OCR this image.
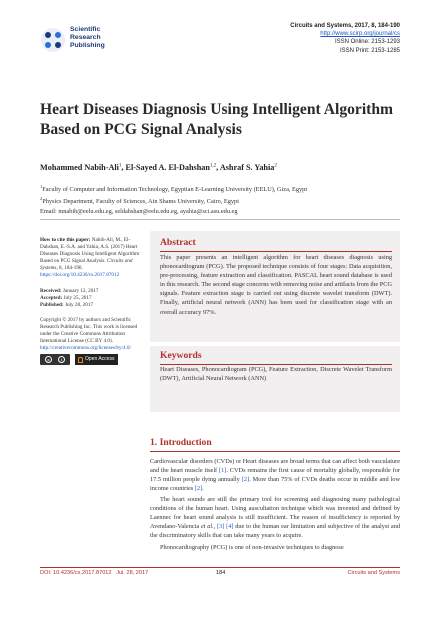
Scientific
Research
Publishing
Circuits and Systems, 2017, 8, 184-190
http://www.scirp.org/journal/cs
ISSN Online: 2153-1293
ISSN Print: 2153-1285
Heart Diseases Diagnosis Using Intelligent Algorithm Based on PCG Signal Analysis
Mohammed Nabih-Ali$^1$, El-Sayed A. El-Dahshan$^{1,2}$, Ashraf S. Yahia$^2$
$^1$Faculty of Computer and Information Technology, Egyptian E-Learning University (EELU), Giza, Egypt
$^2$Physics Department, Faculty of Sciences, Ain Shams University, Cairo, Egypt
Email: mnabih@eelu.edu.eg, seldahshan@eelu.edu.eg, ayahia@sci.asu.edu.eg
How to cite this paper: Nabih-Ali, M., El-Dahshan, E.-S.A. and Yahia, A.S. (2017) Heart Diseases Diagnosis Using Intelligent Algorithm Based on PCG Signal Analysis. Circuits and Systems, 8, 184-190. https://doi.org/10.4236/cs.2017.87012
Received: January 12, 2017
Accepted: July 25, 2017
Published: July 28, 2017
Copyright © 2017 by authors and Scientific Research Publishing Inc. This work is licensed under the Creative Commons Attribution International License (CC BY 4.0). http://creativecommons.org/licenses/by/4.0/
c	i	Open Access
Abstract
This paper presents an intelligent algorithm for heart diseases diagnosis using phonocardiogram (PCG). The proposed technique consists of four stages: Data acquisition, pre-processing, feature extraction and classification. PASCAL heart sound database is used in this research. The second stage concerns with removing noise and artifacts from the PCG signals. Feature extraction stage is carried out using discrete wavelet transform (DWT). Finally, artificial neural network (ANN) has been used for classification stage with an overall accuracy 97%.
Keywords
Heart Diseases, Phonocardiogram (PCG), Feature Extraction, Discrete Wavelet Transform (DWT), Artificial Neural Network (ANN)
1. Introduction
Cardiovascular disorders (CVDs) or Heart diseases are broad terms that can affect both vasculature and the heart muscle itself [1]. CVDs remains the first cause of mortality globally, responsible for 17.5 million people dying annually [2]. More than 75% of CVDs deaths occur in middle and low income countries [2].
The heart sounds are still the primary tool for screening and diagnosing many pathological conditions of the human heart. Using auscultation technique which was invented and defined by Laennec for heart sound analysis is still insufficient. The reason of insufficiency is reported by Avendano-Valencia et al., [3] [4] due to the human ear limitation and subjective of the analyst and the discriminatory skills that can take many years to acquire.
Phonocardiography (PCG) is one of non-invasive techniques to diagnose
DOI: 10.4236/cs.2017.87012 Jul. 28, 2017	184	Circuits and Systems
